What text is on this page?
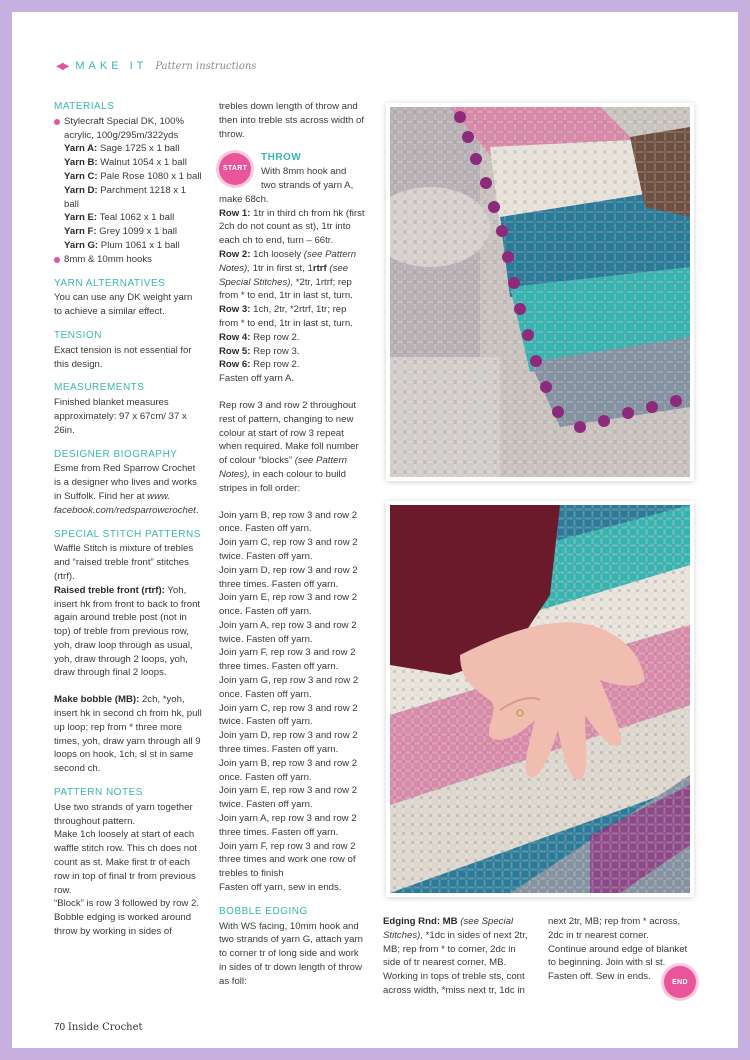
◀▶ MAKE IT Pattern instructions
MATERIALS
Stylecraft Special DK, 100% acrylic, 100g/295m/322yds
Yarn A: Sage 1725 x 1 ball
Yarn B: Walnut 1054 x 1 ball
Yarn C: Pale Rose 1080 x 1 ball
Yarn D: Parchment 1218 x 1 ball
Yarn E: Teal 1062 x 1 ball
Yarn F: Grey 1099 x 1 ball
Yarn G: Plum 1061 x 1 ball
8mm & 10mm hooks
YARN ALTERNATIVES

You can use any DK weight yarn to achieve a similar effect.

TENSION

Exact tension is not essential for this design.

MEASUREMENTS

Finished blanket measures approximately: 97 x 67cm/ 37 x 26in.

DESIGNER BIOGRAPHY

Esme from Red Sparrow Crochet is a designer who lives and works in Suffolk. Find her at www. facebook.com/redsparrowcrochet.

SPECIAL STITCH PATTERNS

Waffle Stitch is mixture of trebles and “raised treble front” stitches (rtrf).

Raised treble front (rtrf): Yoh, insert hk from front to back to front again around treble post (not in top) of treble from previous row, yoh, draw loop through as usual, yoh, draw through 2 loops, yoh, draw through final 2 loops.

Make bobble (MB): 2ch, *yoh, insert hk in second ch from hk, pull up loop; rep from * three more times, yoh, draw yarn through all 9 loops on hook, 1ch, sl st in same second ch.

PATTERN NOTES

Use two strands of yarn together throughout pattern.

Make 1ch loosely at start of each waffle stitch row. This ch does not count as st. Make first tr of each row in top of final tr from previous row.

“Block” is row 3 followed by row 2.

Bobble edging is worked around throw by working in sides of

trebles down length of throw and then into treble sts across width of throw.

START
THROW
With 8mm hook and
two strands of yarn A,

make 68ch.

Row 1: 1tr in third ch from hk (first 2ch do not count as st), 1tr into each ch to end, turn – 66tr.

Row 2: 1ch loosely (see Pattern Notes), 1tr in first st, 1rtrf (see Special Stitches), *2tr, 1rtrf; rep from * to end, 1tr in last st, turn.

Row 3: 1ch, 2tr, *2rtrf, 1tr; rep from * to end, 1tr in last st, turn.

Row 4: Rep row 2.

Row 5: Rep row 3.

Row 6: Rep row 2.

Fasten off yarn A.

Rep row 3 and row 2 throughout rest of pattern, changing to new colour at start of row 3 repeat when required. Make foll number of colour “blocks” (see Pattern Notes), in each colour to build stripes in foll order:

Join yarn B, rep row 3 and row 2 once. Fasten off yarn.

Join yarn C, rep row 3 and row 2 twice. Fasten off yarn.

Join yarn D, rep row 3 and row 2 three times. Fasten off yarn.

Join yarn E, rep row 3 and row 2 once. Fasten off yarn.

Join yarn A, rep row 3 and row 2 twice. Fasten off yarn.

Join yarn F, rep row 3 and row 2 three times. Fasten off yarn.

Join yarn G, rep row 3 and row 2 once. Fasten off yarn.

Join yarn C, rep row 3 and row 2 twice. Fasten off yarn.

Join yarn D, rep row 3 and row 2 three times. Fasten off yarn.

Join yarn B, rep row 3 and row 2 once. Fasten off yarn.

Join yarn E, rep row 3 and row 2 twice. Fasten off yarn.

Join yarn A, rep row 3 and row 2 three times. Fasten off yarn.

Join yarn F, rep row 3 and row 2 three times and work one row of trebles to finish

Fasten off yarn, sew in ends.

BOBBLE EDGING

With WS facing, 10mm hook and two strands of yarn G, attach yarn to corner tr of long side and work in sides of tr down length of throw as foll:

Edging Rnd: MB (see Special Stitches), *1dc in sides of next 2tr, MB; rep from * to corner, 2dc in side of tr nearest corner, MB. Working in tops of treble sts, cont across width, *miss next tr, 1dc in

next 2tr, MB; rep from * across, 2dc in tr nearest corner. Continue around edge of blanket to beginning. Join with sl st. Fasten off. Sew in ends.	END
70 Inside Crochet
